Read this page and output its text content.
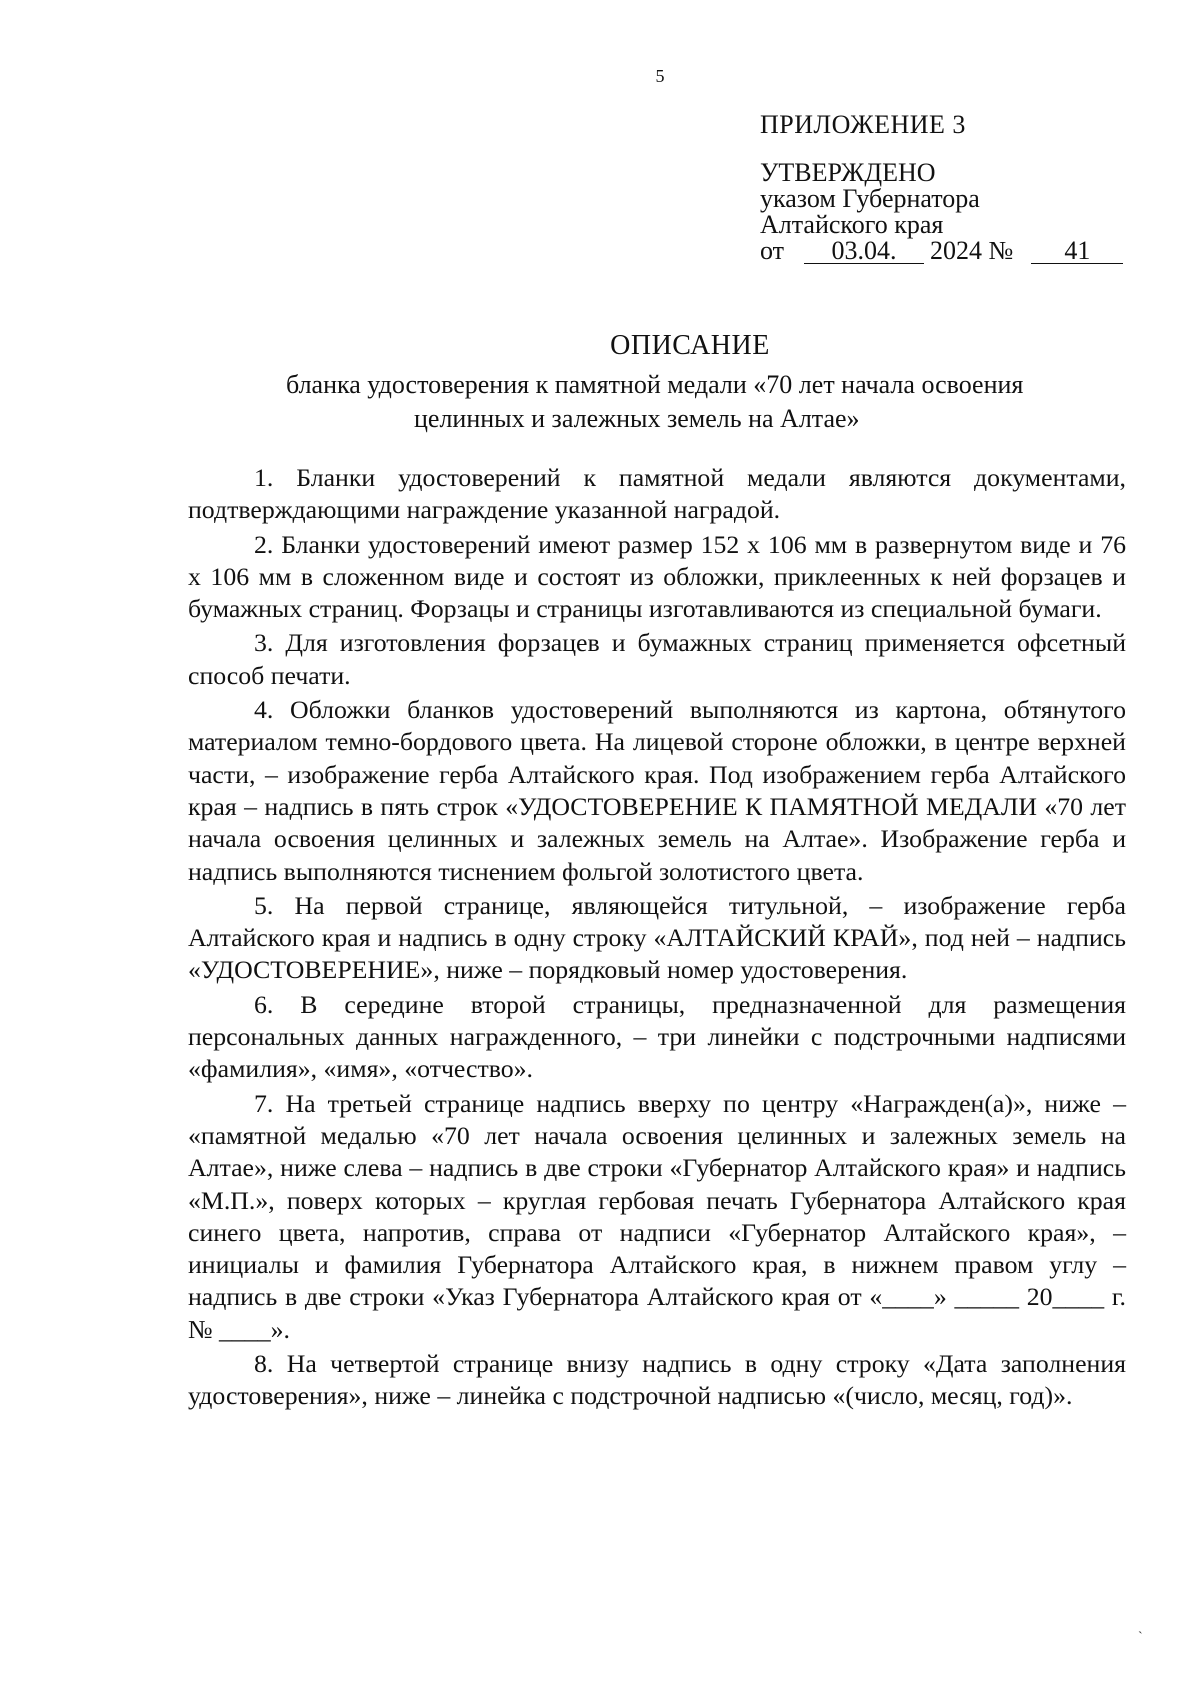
5
ПРИЛОЖЕНИЕ 3
УТВЕРЖДЕНО
указом Губернатора
Алтайского края
от 03.04. 2024 № 41
ОПИСАНИЕ
бланка удостоверения к памятной медали «70 лет начала освоения
целинных и залежных земель на Алтае»

1. Бланки удостоверений к памятной медали являются документами, подтверждающими награждение указанной наградой.

2. Бланки удостоверений имеют размер 152 х 106 мм в развернутом виде и 76 х 106 мм в сложенном виде и состоят из обложки, приклеенных к ней форзацев и бумажных страниц. Форзацы и страницы изготавливаются из специальной бумаги.

3. Для изготовления форзацев и бумажных страниц применяется офсетный способ печати.

4. Обложки бланков удостоверений выполняются из картона, обтянутого материалом темно-бордового цвета. На лицевой стороне обложки, в центре верхней части, – изображение герба Алтайского края. Под изображением герба Алтайского края – надпись в пять строк «УДОСТОВЕРЕНИЕ К ПАМЯТНОЙ МЕДАЛИ «70 лет начала освоения целинных и залежных земель на Алтае». Изображение герба и надпись выполняются тиснением фольгой золотистого цвета.

5. На первой странице, являющейся титульной, – изображение герба Алтайского края и надпись в одну строку «АЛТАЙСКИЙ КРАЙ», под ней – надпись «УДОСТОВЕРЕНИЕ», ниже – порядковый номер удостоверения.

6. В середине второй страницы, предназначенной для размещения персональных данных награжденного, – три линейки с подстрочными надписями «фамилия», «имя», «отчество».

7. На третьей странице надпись вверху по центру «Награжден(а)», ниже – «памятной медалью «70 лет начала освоения целинных и залежных земель на Алтае», ниже слева – надпись в две строки «Губернатор Алтайского края» и надпись «М.П.», поверх которых – круглая гербовая печать Губернатора Алтайского края синего цвета, напротив, справа от надписи «Губернатор Алтайского края», – инициалы и фамилия Губернатора Алтайского края, в нижнем правом углу – надпись в две строки «Указ Губернатора Алтайского края от «____» _____ 20____ г. № ____».

8. На четвертой странице внизу надпись в одну строку «Дата заполнения удостоверения», ниже – линейка с подстрочной надписью «(число, месяц, год)».

`
